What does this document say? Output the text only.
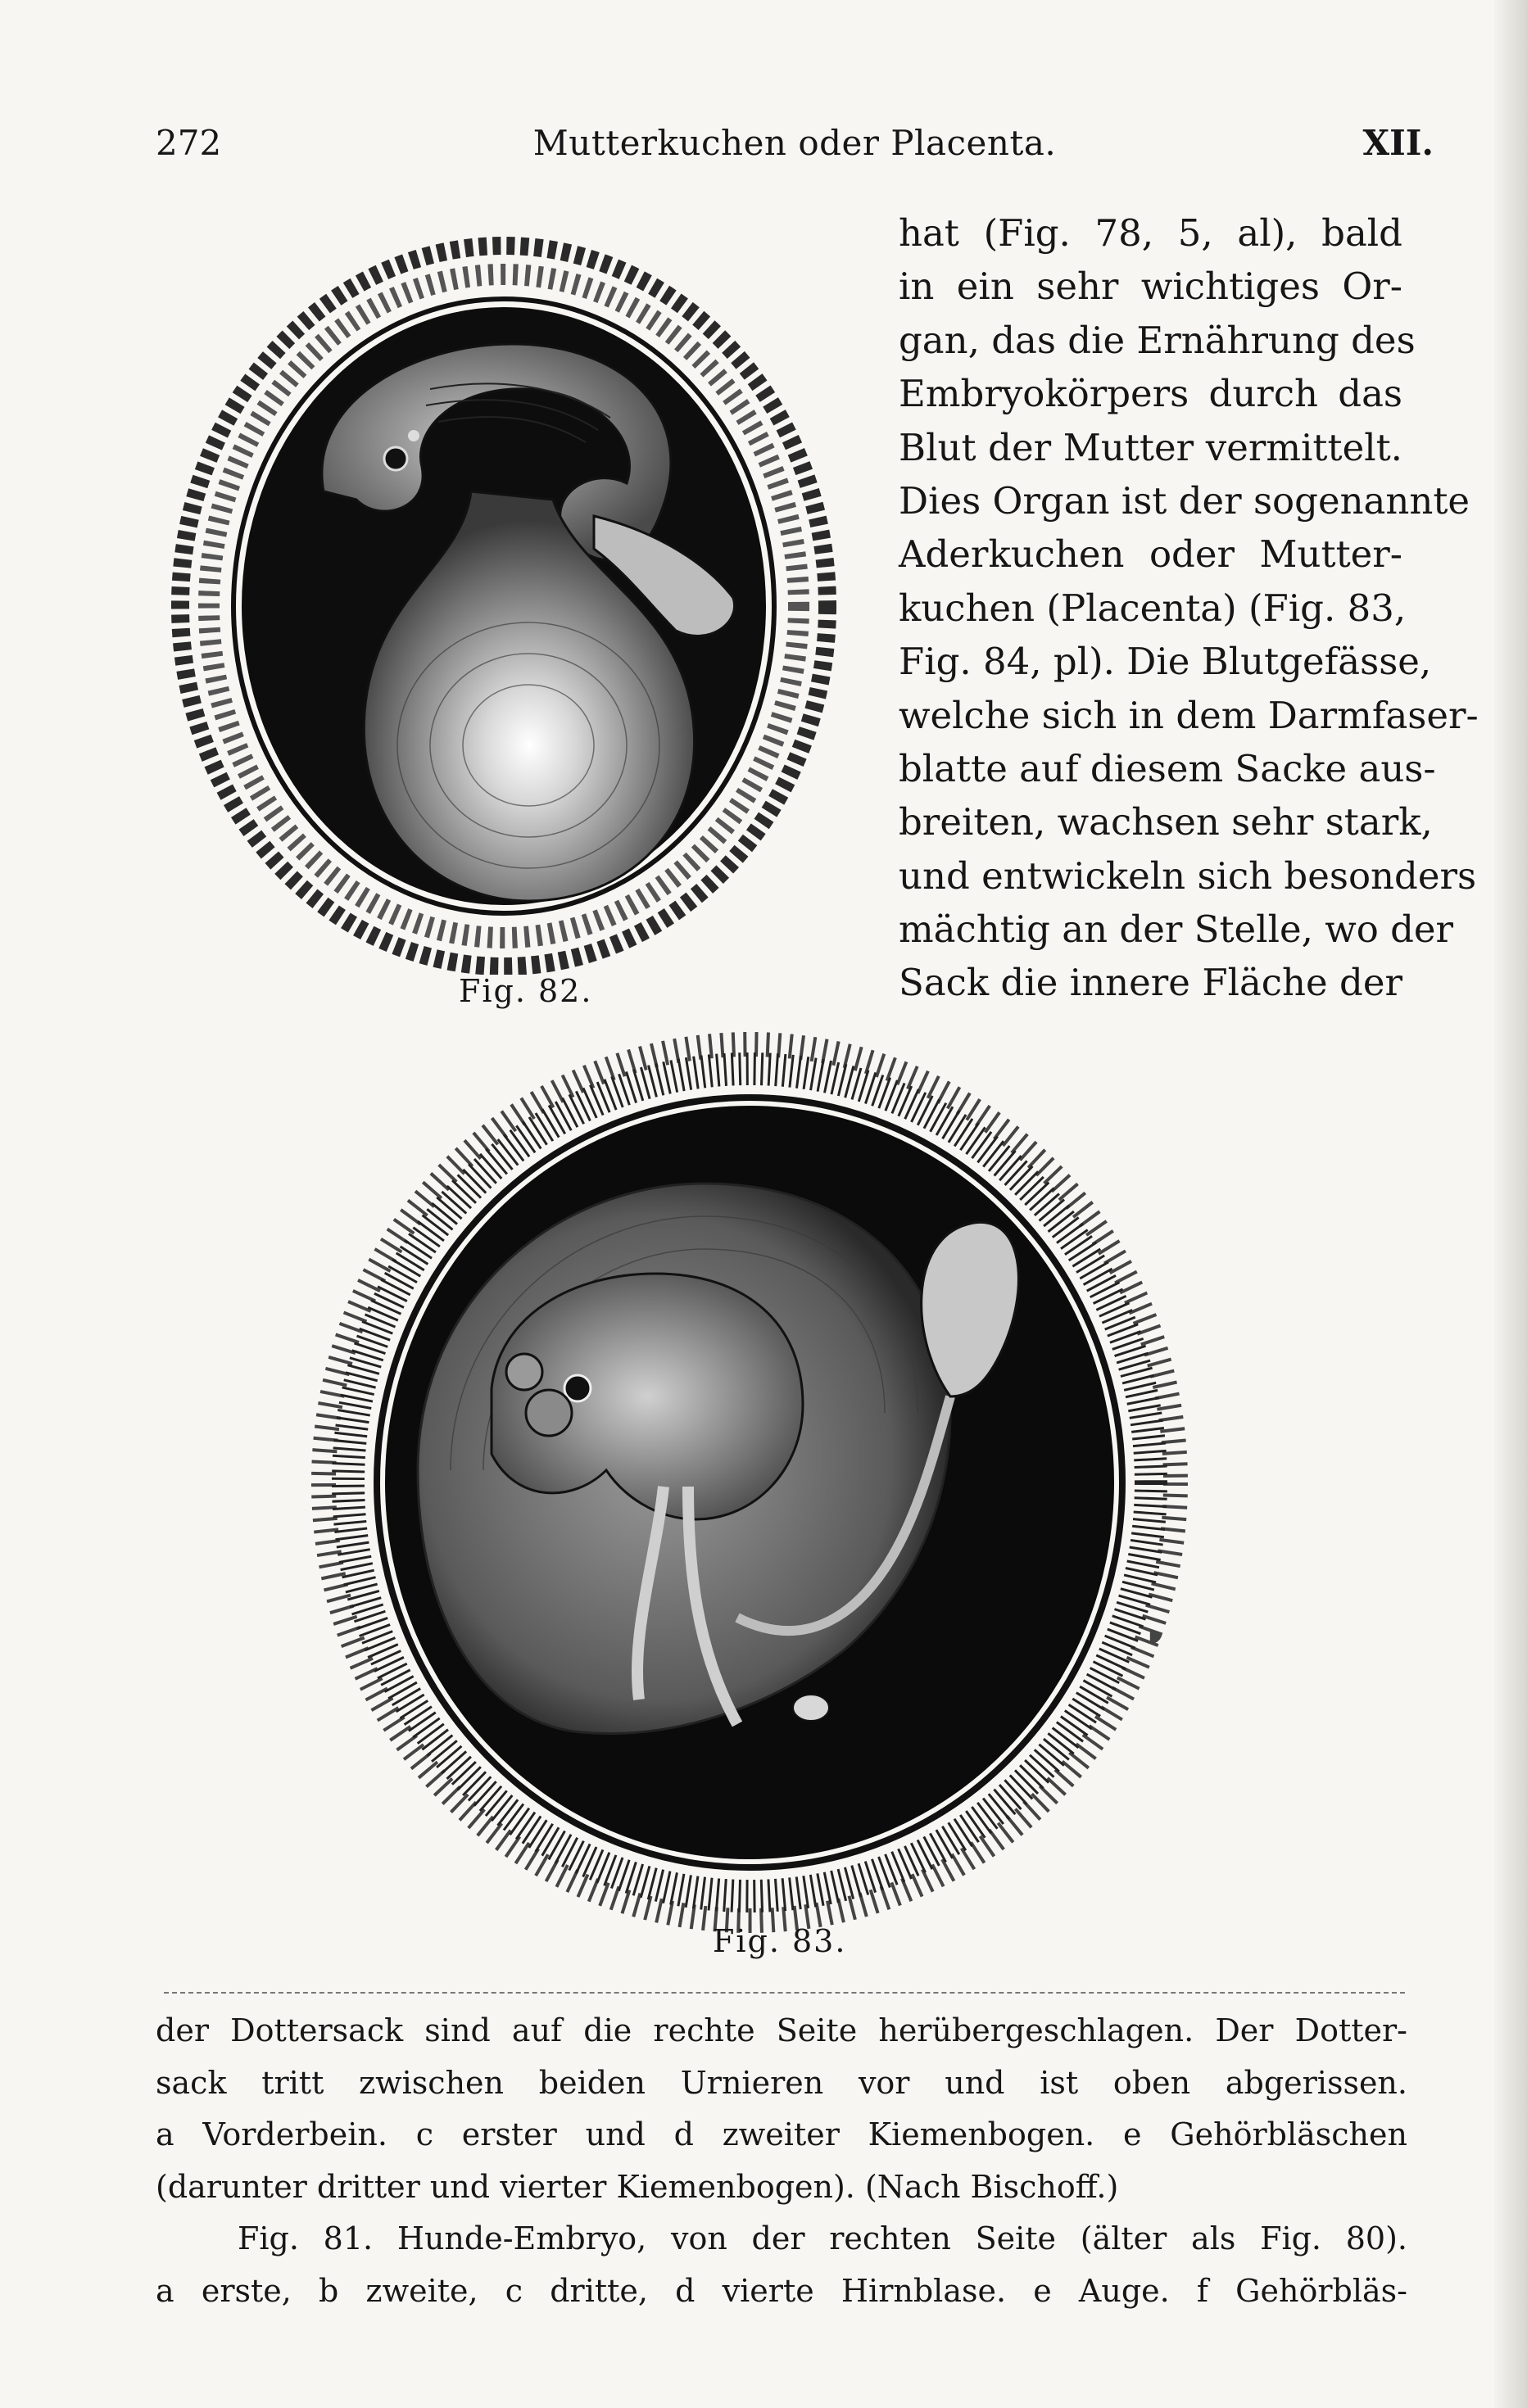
272	Mutterkuchen oder Placenta.	XII.
Fig. 82.
hat (Fig. 78, 5, al), bald
in ein sehr wichtiges Or-
gan, das die Ernährung des
Embryokörpers durch das
Blut der Mutter vermittelt.
Dies Organ ist der sogenannte
Aderkuchen oder Mutter-
kuchen (Placenta) (Fig. 83,
Fig. 84, pl). Die Blutgefässe,
welche sich in dem Darmfaser-
blatte auf diesem Sacke aus-
breiten, wachsen sehr stark,
und entwickeln sich besonders
mächtig an der Stelle, wo der
Sack die innere Fläche der
Fig. 83.
der Dottersack sind auf die rechte Seite herübergeschlagen. Der Dotter-
sack tritt zwischen beiden Urnieren vor und ist oben abgerissen.
a Vorderbein. c erster und d zweiter Kiemenbogen. e Gehörbläschen
(darunter dritter und vierter Kiemenbogen). (Nach Bischoff.)
Fig. 81. Hunde-Embryo, von der rechten Seite (älter als Fig. 80).
a erste, b zweite, c dritte, d vierte Hirnblase. e Auge. f Gehörbläs-
